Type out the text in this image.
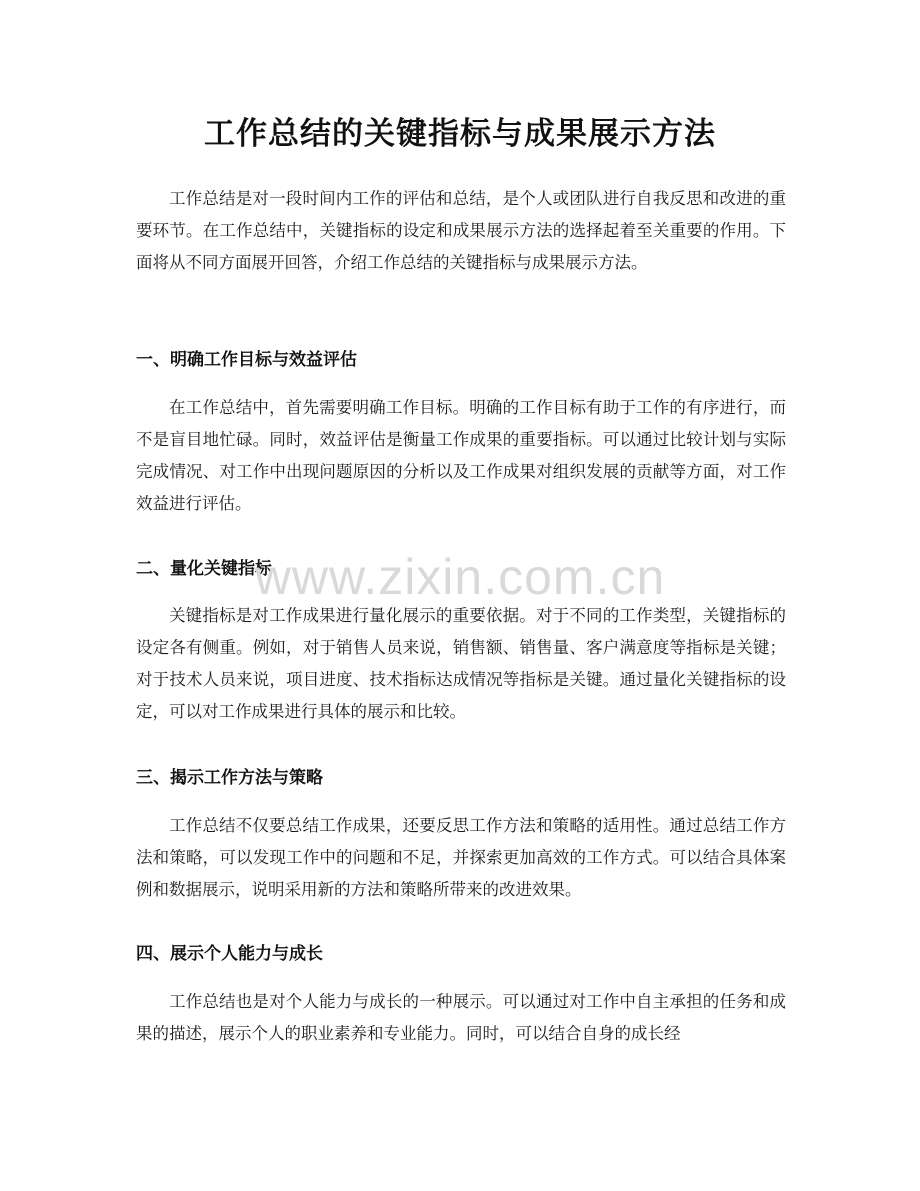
工作总结的关键指标与成果展示方法
工作总结是对一段时间内工作的评估和总结，是个人或团队进行自我反思和改进的重要环节。在工作总结中，关键指标的设定和成果展示方法的选择起着至关重要的作用。下面将从不同方面展开回答，介绍工作总结的关键指标与成果展示方法。
一、明确工作目标与效益评估
在工作总结中，首先需要明确工作目标。明确的工作目标有助于工作的有序进行，而不是盲目地忙碌。同时，效益评估是衡量工作成果的重要指标。可以通过比较计划与实际完成情况、对工作中出现问题原因的分析以及工作成果对组织发展的贡献等方面，对工作效益进行评估。
二、量化关键指标
关键指标是对工作成果进行量化展示的重要依据。对于不同的工作类型，关键指标的设定各有侧重。例如，对于销售人员来说，销售额、销售量、客户满意度等指标是关键；对于技术人员来说，项目进度、技术指标达成情况等指标是关键。通过量化关键指标的设定，可以对工作成果进行具体的展示和比较。
三、揭示工作方法与策略
工作总结不仅要总结工作成果，还要反思工作方法和策略的适用性。通过总结工作方法和策略，可以发现工作中的问题和不足，并探索更加高效的工作方式。可以结合具体案例和数据展示，说明采用新的方法和策略所带来的改进效果。
四、展示个人能力与成长
工作总结也是对个人能力与成长的一种展示。可以通过对工作中自主承担的任务和成果的描述，展示个人的职业素养和专业能力。同时，可以结合自身的成长经
www.zixin.com.cn
